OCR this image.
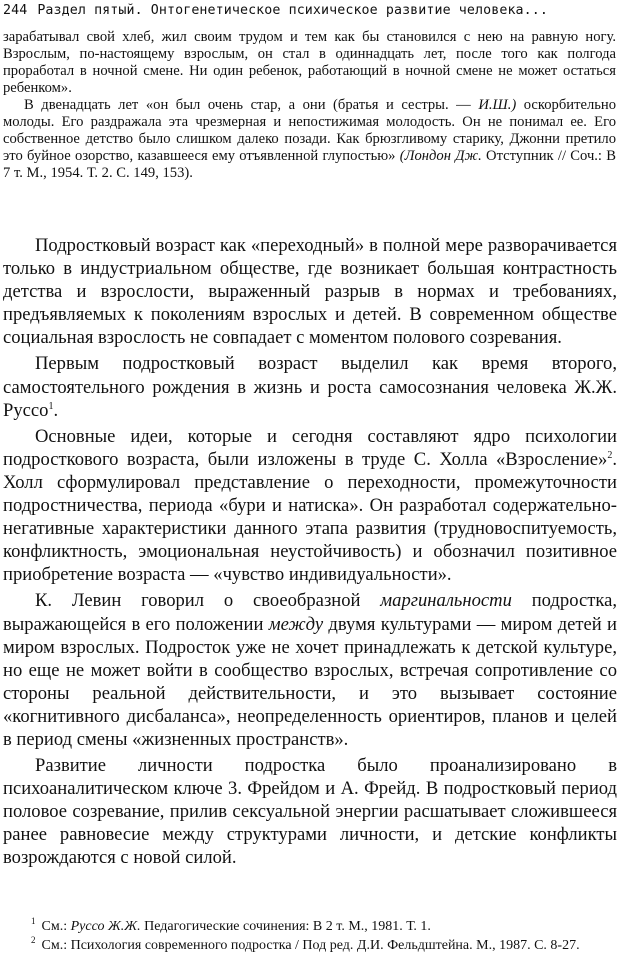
244 Раздел пятый. Онтогенетическое психическое развитие человека...

зарабатывал свой хлеб, жил своим трудом и тем как бы становился с нею на равную ногу. Взрослым, по-настоящему взрослым, он стал в одиннадцать лет, после того как полгода проработал в ночной смене. Ни один ребенок, работающий в ночной смене не может остаться ребенком».

В двенадцать лет «он был очень стар, а они (братья и сестры. — И.Ш.) оскорбительно молоды. Его раздражала эта чрезмерная и непостижимая молодость. Он не понимал ее. Его собственное детство было слишком далеко позади. Как брюзгливому старику, Джонни претило это буйное озорство, казавшееся ему отъявленной глупостью» (Лондон Дж. Отступник // Соч.: В 7 т. М., 1954. Т. 2. С. 149, 153).

Подростковый возраст как «переходный» в полной мере разворачивается только в индустриальном обществе, где возникает большая контрастность детства и взрослости, выраженный разрыв в нормах и требованиях, предъявляемых к поколениям взрослых и детей. В современном обществе социальная взрослость не совпадает с моментом полового созревания.

Первым подростковый возраст выделил как время второго, самостоятельного рождения в жизнь и роста самосознания человека Ж.Ж. Руссо$^1$.

Основные идеи, которые и сегодня составляют ядро психологии подросткового возраста, были изложены в труде С. Холла «Взросление»$^2$. Холл сформулировал представление о переходности, промежуточности подростничества, периода «бури и натиска». Он разработал содержательно-негативные характеристики данного этапа развития (трудновоспитуемость, конфликтность, эмоциональная неустойчивость) и обозначил позитивное приобретение возраста — «чувство индивидуальности».

К. Левин говорил о своеобразной маргинальности подростка, выражающейся в его положении между двумя культурами — миром детей и миром взрослых. Подросток уже не хочет принадлежать к детской культуре, но еще не может войти в сообщество взрослых, встречая сопротивление со стороны реальной действительности, и это вызывает состояние «когнитивного дисбаланса», неопределенность ориентиров, планов и целей в период смены «жизненных пространств».

Развитие личности подростка было проанализировано в психоаналитическом ключе 3. Фрейдом и А. Фрейд. В подростковый период половое созревание, прилив сексуальной энергии расшатывает сложившееся ранее равновесие между структурами личности, и детские конфликты возрождаются с новой силой.

$^1$ См.: Руссо Ж.Ж. Педагогические сочинения: В 2 т. М., 1981. Т. 1.

$^2$ См.: Психология современного подростка / Под ред. Д.И. Фельдштейна. М., 1987. С. 8-27.
